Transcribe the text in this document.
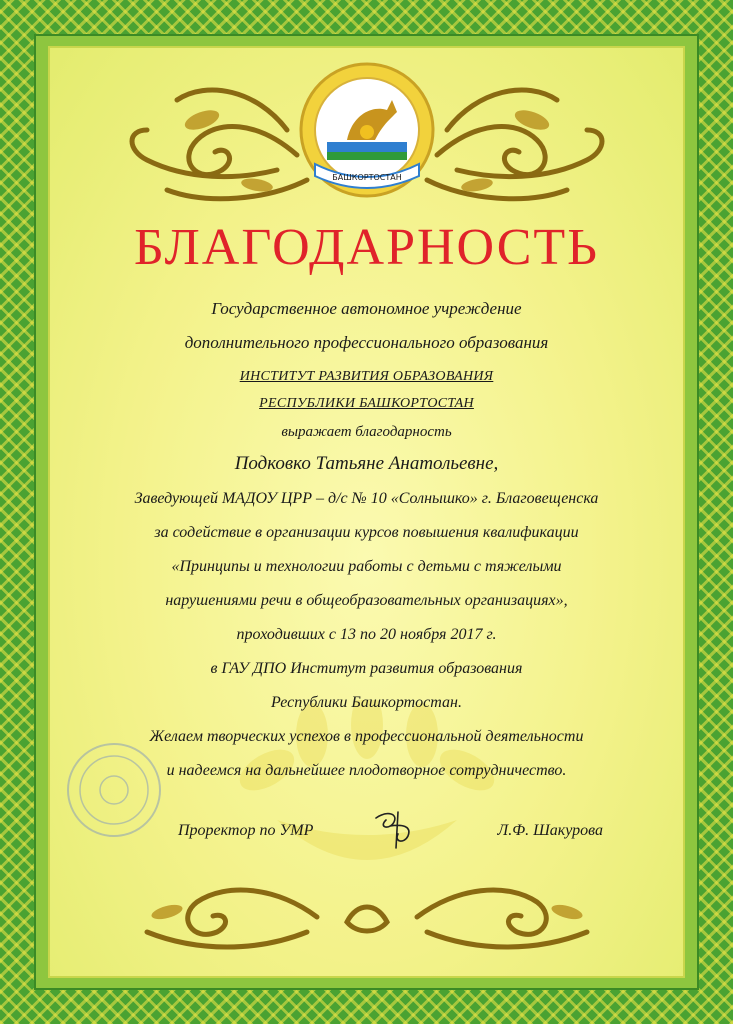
БАШКОРТОСТАН
БЛАГОДАРНОСТЬ
Государственное автономное учреждение
дополнительного профессионального образования
ИНСТИТУТ РАЗВИТИЯ ОБРАЗОВАНИЯ
РЕСПУБЛИКИ БАШКОРТОСТАН
выражает благодарность
Подковко Татьяне Анатольевне,
Заведующей МАДОУ ЦРР – д/с № 10 «Солнышко» г. Благовещенска
за содействие в организации курсов повышения квалификации
«Принципы и технологии работы с детьми с тяжелыми
нарушениями речи в общеобразовательных организациях»,
проходивших с 13 по 20 ноября 2017 г.
в ГАУ ДПО Институт развития образования
Республики Башкортостан.
Желаем творческих успехов в профессиональной деятельности
и надеемся на дальнейшее плодотворное сотрудничество.
Проректор по УМР	Л.Ф. Шакурова
